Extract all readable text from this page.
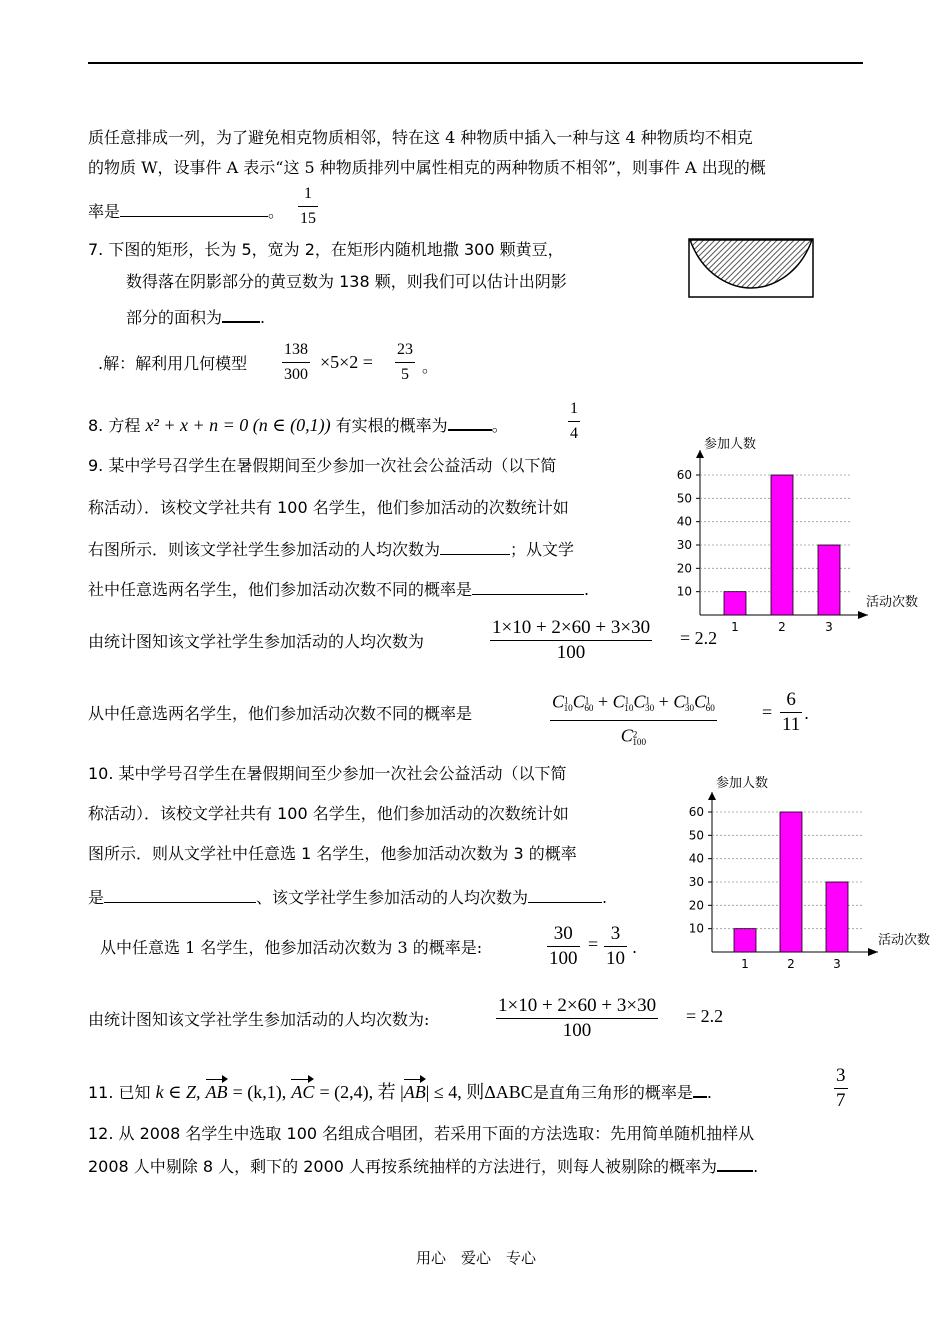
质任意排成一列，为了避免相克物质相邻，特在这 4 种物质中插入一种与这 4 种物质均不相克
的物质 W，设事件 A 表示“这 5 种物质排列中属性相克的两种物质不相邻”，则事件 A 出现的概
率是	。 $\frac{1}{15}$
7. 下图的矩形，长为 5，宽为 2，在矩形内随机地撒 300 颗黄豆，
数得落在阴影部分的黄豆数为 138 颗，则我们可以估计出阴影
部分的面积为 .
.解：解利用几何模型 $\frac{138}{300} \times 5\times 2 = \frac{23}{5}$ 。
8. 方程 x² + x + n = 0 (n ∈ (0,1)) 有实根的概率为	。	$\frac{1}{4}$
9. 某中学号召学生在暑假期间至少参加一次社会公益活动（以下简
称活动）．该校文学社共有 100 名学生，他们参加活动的次数统计如
右图所示．则该文学社学生参加活动的人均次数为	；从文学
社中任意选两名学生，他们参加活动次数不同的概率是	.
由统计图知该文学社学生参加活动的人均次数为	$\frac{1\times 10 + 2\times 60 + 3\times 30}{100} = 2.2$
从中任意选两名学生，他们参加活动次数不同的概率是
$C^1_{10}C^1_{60} + C^1_{10}C^1_{30} + C^1_{30}C^1_{60}$
$C^2_{100}$
= $\frac{6}{11}$ .
10
20
30
40
50
60
1	2	3
参加人数
活动次数
10. 某中学号召学生在暑假期间至少参加一次社会公益活动（以下简
称活动）．该校文学社共有 100 名学生，他们参加活动的次数统计如
图所示．则从文学社中任意选 1 名学生，他参加活动次数为 3 的概率
是	、该文学社学生参加活动的人均次数为	.
从中任意选 1 名学生，他参加活动次数为 3 的概率是:	$\frac{30}{100} = \frac{3}{10}$ .
由统计图知该文学社学生参加活动的人均次数为:	$\frac{1\times 10 + 2\times 60 + 3\times 30}{100} = 2.2$
10
20
30
40
50
60
1	2	3
参加人数
活动次数
11. 已知 k ∈ Z, AB = (k,1), AC = (2,4), 若 |AB| ≤ 4, 则ΔABC是直角三角形的概率是 .	$\frac{3}{7}$
12. 从 2008 名学生中选取 100 名组成合唱团，若采用下面的方法选取：先用简单随机抽样从
2008 人中剔除 8 人，剩下的 2000 人再按系统抽样的方法进行，则每人被剔除的概率为 .
用心　爱心　专心
